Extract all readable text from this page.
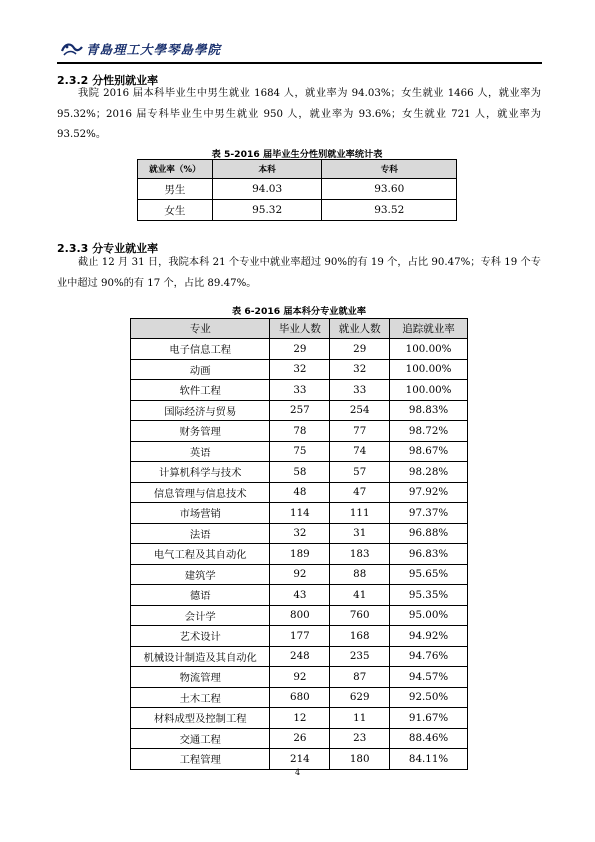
青島理工大學琴島學院
2.3.2 分性别就业率

我院 2016 届本科毕业生中男生就业 1684 人，就业率为 94.03%；女生就业 1466 人，就业率为 95.32%；2016 届专科毕业生中男生就业 950 人，就业率为 93.6%；女生就业 721 人，就业率为 93.52%。

表 5-2016 届毕业生分性别就业率统计表
就业率（%）	本科	专科
男生	94.03	93.60
女生	95.32	93.52
2.3.3 分专业就业率

截止 12 月 31 日，我院本科 21 个专业中就业率超过 90%的有 19 个，占比 90.47%；专科 19 个专业中超过 90%的有 17 个，占比 89.47%。

表 6-2016 届本科分专业就业率
专业	毕业人数	就业人数	追踪就业率
电子信息工程	29	29	100.00%
动画	32	32	100.00%
软件工程	33	33	100.00%
国际经济与贸易	257	254	98.83%
财务管理	78	77	98.72%
英语	75	74	98.67%
计算机科学与技术	58	57	98.28%
信息管理与信息技术	48	47	97.92%
市场营销	114	111	97.37%
法语	32	31	96.88%
电气工程及其自动化	189	183	96.83%
建筑学	92	88	95.65%
德语	43	41	95.35%
会计学	800	760	95.00%
艺术设计	177	168	94.92%
机械设计制造及其自动化	248	235	94.76%
物流管理	92	87	94.57%
土木工程	680	629	92.50%
材料成型及控制工程	12	11	91.67%
交通工程	26	23	88.46%
工程管理	214	180	84.11%
4
